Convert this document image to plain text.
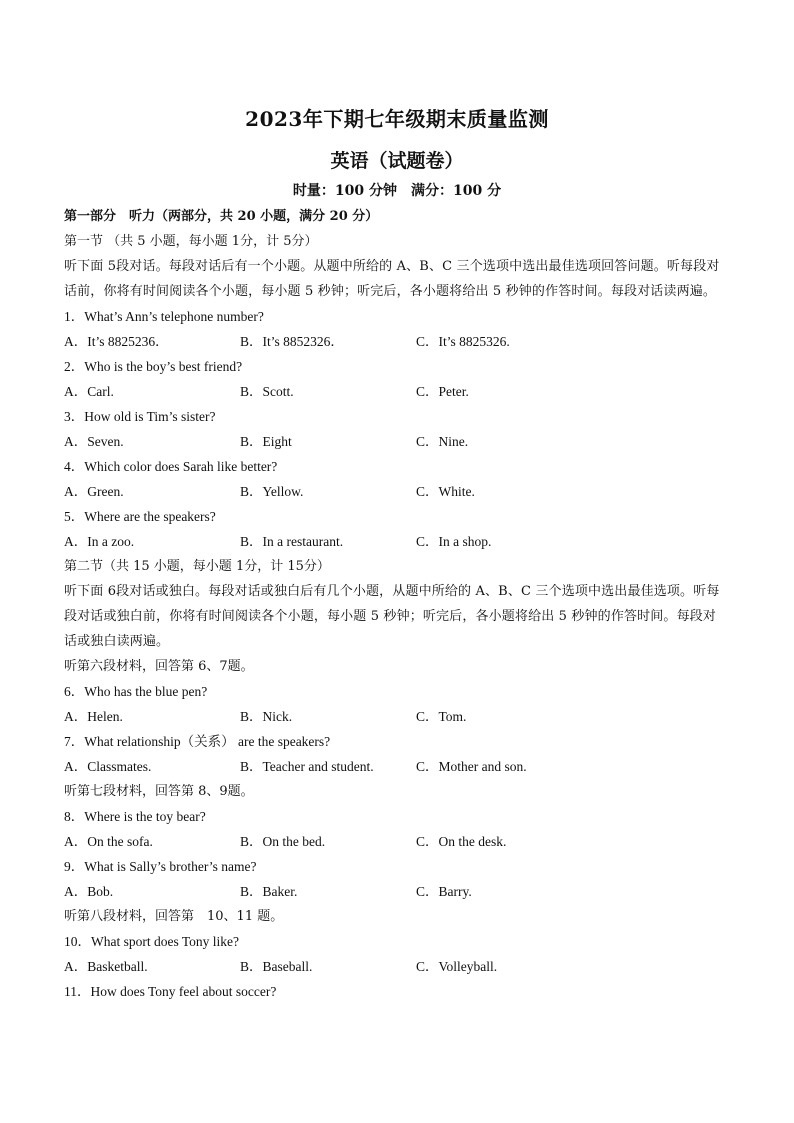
2023年下期七年级期末质量监测
英语（试题卷）
时量：100 分钟　满分：100 分
第一部分　听力（两部分，共 20 小题，满分 20 分）
第一节 （共 5 小题，每小题 1分，计 5分）
听下面 5段对话。每段对话后有一个小题。从题中所给的 A、B、C 三个选项中选出最佳选项回答问题。听每段对话前，你将有时间阅读各个小题，每小题 5 秒钟；听完后，各小题将给出 5 秒钟的作答时间。每段对话读两遍。
1．What’s Ann’s telephone number?
A．It’s 8825236．	B．It’s 8852326．	C．It’s 8825326.
2．Who is the boy’s best friend?
A．Carl.	B．Scott.	C．Peter.
3．How old is Tim’s sister?
A．Seven.	B．Eight	C．Nine.
4．Which color does Sarah like better?
A．Green.	B．Yellow.	C．White.
5．Where are the speakers?
A．In a zoo.	B．In a restaurant.	C．In a shop.
第二节（共 15 小题，每小题 1分，计 15分）
听下面 6段对话或独白。每段对话或独白后有几个小题，从题中所给的 A、B、C 三个选项中选出最佳选项。听每段对话或独白前，你将有时间阅读各个小题，每小题 5 秒钟；听完后，各小题将给出 5 秒钟的作答时间。每段对话或独白读两遍。
听第六段材料，回答第 6、7题。
6．Who has the blue pen?
A．Helen.	B．Nick.	C．Tom.
7．What relationship（关系） are the speakers?
A．Classmates.	B．Teacher and student.	C．Mother and son.
听第七段材料，回答第 8、9题。
8．Where is the toy bear?
A．On the sofa.	B．On the bed.	C．On the desk.
9．What is Sally’s brother’s name?
A．Bob.	B．Baker.	C．Barry.
听第八段材料，回答第　10、11 题。
10．What sport does Tony like?
A．Basketball.	B．Baseball.	C．Volleyball.
11．How does Tony feel about soccer?
